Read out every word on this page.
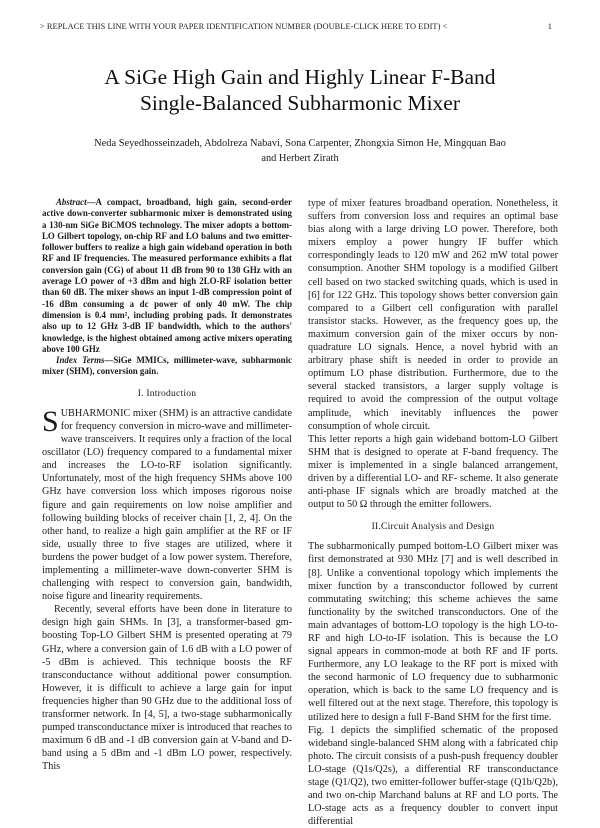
> REPLACE THIS LINE WITH YOUR PAPER IDENTIFICATION NUMBER (DOUBLE-CLICK HERE TO EDIT) <	1
A SiGe High Gain and Highly Linear F-Band
Single-Balanced Subharmonic Mixer
Neda Seyedhosseinzadeh, Abdolreza Nabavi, Sona Carpenter, Zhongxia Simon He, Mingquan Bao
and Herbert Zirath

Abstract—A compact, broadband, high gain, second-order active down-converter subharmonic mixer is demonstrated using a 130-nm SiGe BiCMOS technology. The mixer adopts a bottom-LO Gilbert topology, on-chip RF and LO baluns and two emitter-follower buffers to realize a high gain wideband operation in both RF and IF frequencies. The measured performance exhibits a flat conversion gain (CG) of about 11 dB from 90 to 130 GHz with an average LO power of +3 dBm and high 2LO-RF isolation better than 60 dB. The mixer shows an input 1-dB compression point of -16 dBm consuming a dc power of only 40 mW. The chip dimension is 0.4 mm², including probing pads. It demonstrates also up to 12 GHz 3-dB IF bandwidth, which to the authors' knowledge, is the highest obtained among active mixers operating above 100 GHz

Index Terms—SiGe MMICs, millimeter-wave, subharmonic mixer (SHM), conversion gain.
I. Introduction

SUBHARMONIC mixer (SHM) is an attractive candidate for frequency conversion in micro-wave and millimeter-wave transceivers. It requires only a fraction of the local oscillator (LO) frequency compared to a fundamental mixer and increases the LO-to-RF isolation significantly. Unfortunately, most of the high frequency SHMs above 100 GHz have conversion loss which imposes rigorous noise figure and gain requirements on low noise amplifier and following building blocks of receiver chain [1, 2, 4]. On the other hand, to realize a high gain amplifier at the RF or IF side, usually three to five stages are utilized, where it burdens the power budget of a low power system. Therefore, implementing a millimeter-wave down-converter SHM is challenging with respect to conversion gain, bandwidth, noise figure and linearity requirements.

Recently, several efforts have been done in literature to design high gain SHMs. In [3], a transformer-based gm-boosting Top-LO Gilbert SHM is presented operating at 79 GHz, where a conversion gain of 1.6 dB with a LO power of -5 dBm is achieved. This technique boosts the RF transconductance without additional power consumption. However, it is difficult to achieve a large gain for input frequencies higher than 90 GHz due to the additional loss of transformer network. In [4, 5], a two-stage subharmonically pumped transconductance mixer is introduced that reaches to maximum 6 dB and -1 dB conversion gain at V-band and D-band using a 5 dBm and -1 dBm LO power, respectively. This

type of mixer features broadband operation. Nonetheless, it suffers from conversion loss and requires an optimal base bias along with a large driving LO power. Therefore, both mixers employ a power hungry IF buffer which correspondingly leads to 120 mW and 262 mW total power consumption. Another SHM topology is a modified Gilbert cell based on two stacked switching quads, which is used in [6] for 122 GHz. This topology shows better conversion gain compared to a Gilbert cell configuration with parallel transistor stacks. However, as the frequency goes up, the maximum conversion gain of the mixer occurs by non-quadrature LO signals. Hence, a novel hybrid with an arbitrary phase shift is needed in order to provide an optimum LO phase distribution. Furthermore, due to the several stacked transistors, a larger supply voltage is required to avoid the compression of the output voltage amplitude, which inevitably influences the power consumption of whole circuit.

This letter reports a high gain wideband bottom-LO Gilbert SHM that is designed to operate at F-band frequency. The mixer is implemented in a single balanced arrangement, driven by a differential LO- and RF- scheme. It also generate anti-phase IF signals which are broadly matched at the output to 50 Ω through the emitter followers.

II.Circuit Analysis and Design

The subharmonically pumped bottom-LO Gilbert mixer was first demonstrated at 930 MHz [7] and is well described in [8]. Unlike a conventional topology which implements the mixer function by a transconductor followed by current commutating switching; this scheme achieves the same functionality by the switched transconductors. One of the main advantages of bottom-LO topology is the high LO-to-RF and high LO-to-IF isolation. This is because the LO signal appears in common-mode at both RF and IF ports. Furthermore, any LO leakage to the RF port is mixed with the second harmonic of LO frequency due to subharmonic operation, which is back to the same LO frequency and is well filtered out at the next stage. Therefore, this topology is utilized here to design a full F-Band SHM for the first time.

Fig. 1 depicts the simplified schematic of the proposed wideband single-balanced SHM along with a fabricated chip photo. The circuit consists of a push-push frequency doubler LO-stage (Q1s/Q2s), a differential RF transconductance stage (Q1/Q2), two emitter-follower buffer-stage (Q1b/Q2b), and two on-chip Marchand baluns at RF and LO ports. The LO-stage acts as a frequency doubler to convert input differential
